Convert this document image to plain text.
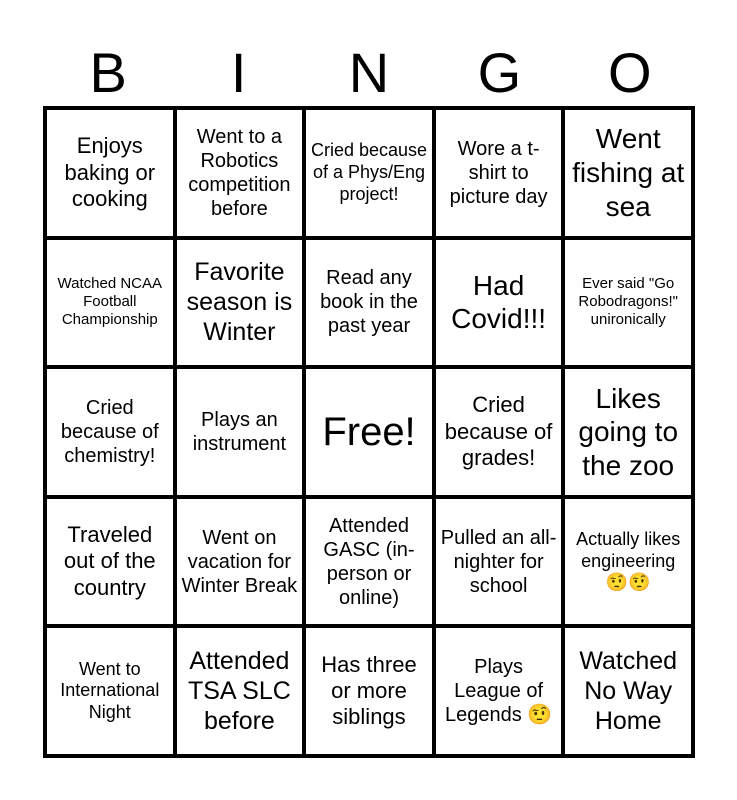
B	I	N	G	O
Enjoys baking or cooking
Went to a Robotics competition before
Cried because of a Phys/Eng project!
Wore a t-shirt to picture day
Went fishing at sea
Watched NCAA Football Championship
Favorite season is Winter
Read any book in the past year
Had Covid!!!
Ever said "Go Robodragons!" unironically
Cried because of chemistry!
Plays an instrument Free!
Cried because of grades!
Likes going to the zoo
Traveled out of the country
Went on vacation for Winter Break
Attended GASC (in-person or online)
Pulled an all-nighter for school
Actually likes engineering 🤨🤨
Went to International Night
Attended TSA SLC before
Has three or more siblings
Plays League of Legends 🤨
Watched No Way Home
